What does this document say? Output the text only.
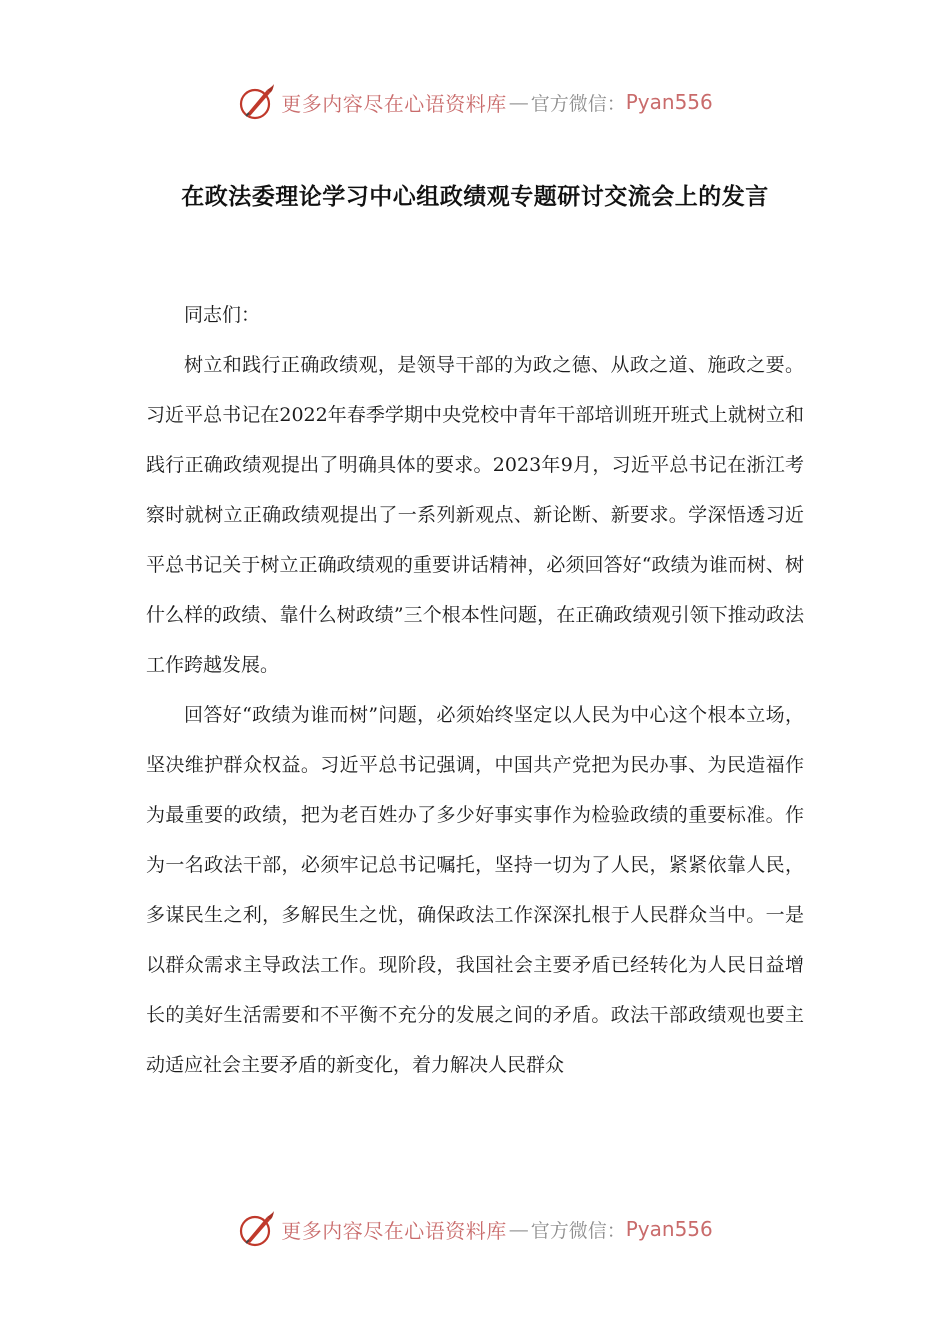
更多内容尽在心语资料库 — 官方微信： Pyan556
在政法委理论学习中心组政绩观专题研讨交流会上的发言

同志们：

树立和践行正确政绩观，是领导干部的为政之德、从政之道、施政之要。习近平总书记在2022年春季学期中央党校中青年干部培训班开班式上就树立和践行正确政绩观提出了明确具体的要求。2023年9月，习近平总书记在浙江考察时就树立正确政绩观提出了一系列新观点、新论断、新要求。学深悟透习近平总书记关于树立正确政绩观的重要讲话精神，必须回答好“政绩为谁而树、树什么样的政绩、靠什么树政绩”三个根本性问题，在正确政绩观引领下推动政法工作跨越发展。

回答好“政绩为谁而树”问题，必须始终坚定以人民为中心这个根本立场，坚决维护群众权益。习近平总书记强调，中国共产党把为民办事、为民造福作为最重要的政绩，把为老百姓办了多少好事实事作为检验政绩的重要标准。作为一名政法干部，必须牢记总书记嘱托，坚持一切为了人民，紧紧依靠人民，多谋民生之利，多解民生之忧，确保政法工作深深扎根于人民群众当中。一是以群众需求主导政法工作。现阶段，我国社会主要矛盾已经转化为人民日益增长的美好生活需要和不平衡不充分的发展之间的矛盾。政法干部政绩观也要主动适应社会主要矛盾的新变化，着力解决人民群众

更多内容尽在心语资料库 — 官方微信： Pyan556
